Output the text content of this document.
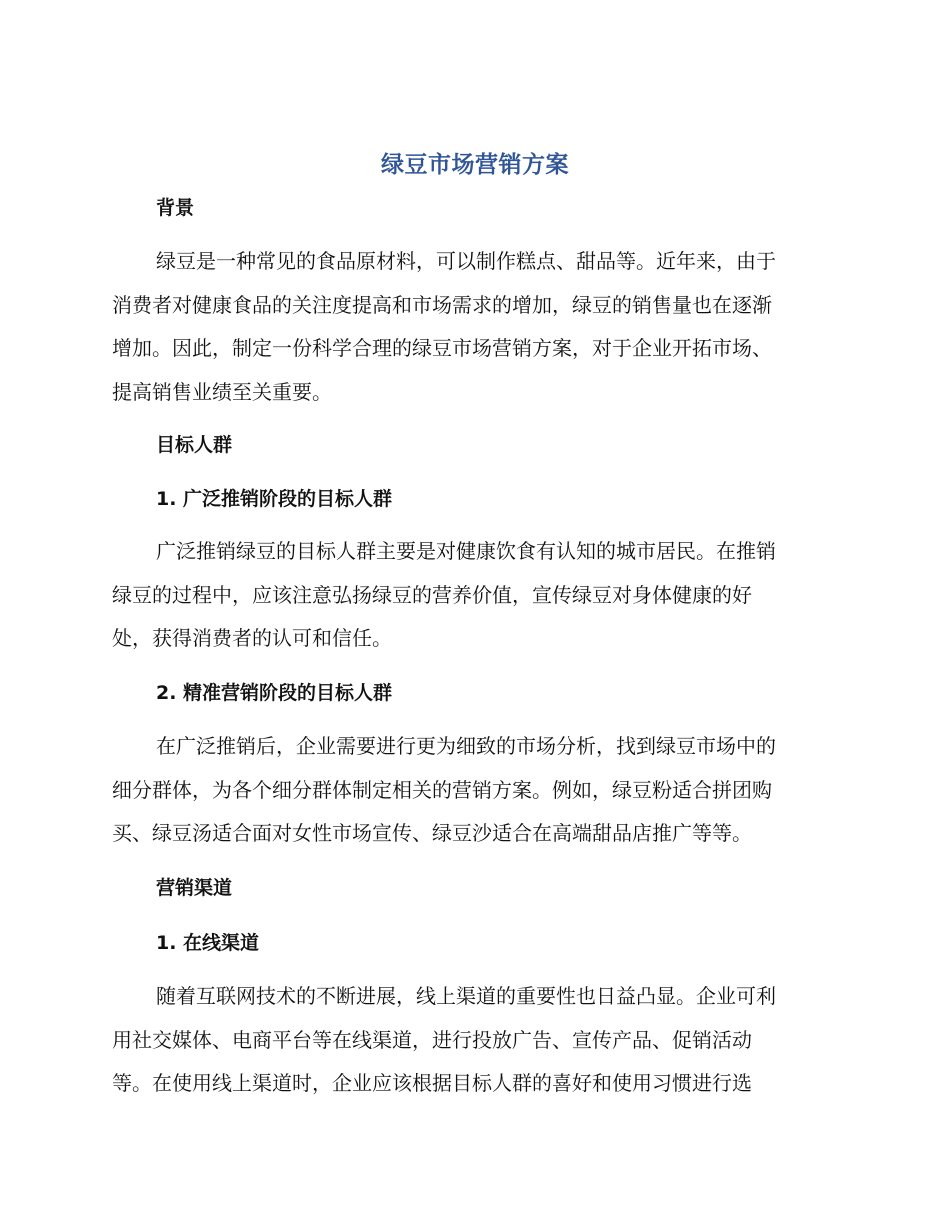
绿豆市场营销方案
背景
绿豆是一种常见的食品原材料，可以制作糕点、甜品等。近年来，由于
消费者对健康食品的关注度提高和市场需求的增加，绿豆的销售量也在逐渐
增加。因此，制定一份科学合理的绿豆市场营销方案，对于企业开拓市场、
提高销售业绩至关重要。
目标人群
1. 广泛推销阶段的目标人群
广泛推销绿豆的目标人群主要是对健康饮食有认知的城市居民。在推销
绿豆的过程中，应该注意弘扬绿豆的营养价值，宣传绿豆对身体健康的好
处，获得消费者的认可和信任。
2. 精准营销阶段的目标人群
在广泛推销后，企业需要进行更为细致的市场分析，找到绿豆市场中的
细分群体，为各个细分群体制定相关的营销方案。例如，绿豆粉适合拼团购
买、绿豆汤适合面对女性市场宣传、绿豆沙适合在高端甜品店推广等等。
营销渠道
1. 在线渠道
随着互联网技术的不断进展，线上渠道的重要性也日益凸显。企业可利
用社交媒体、电商平台等在线渠道，进行投放广告、宣传产品、促销活动
等。在使用线上渠道时，企业应该根据目标人群的喜好和使用习惯进行选
